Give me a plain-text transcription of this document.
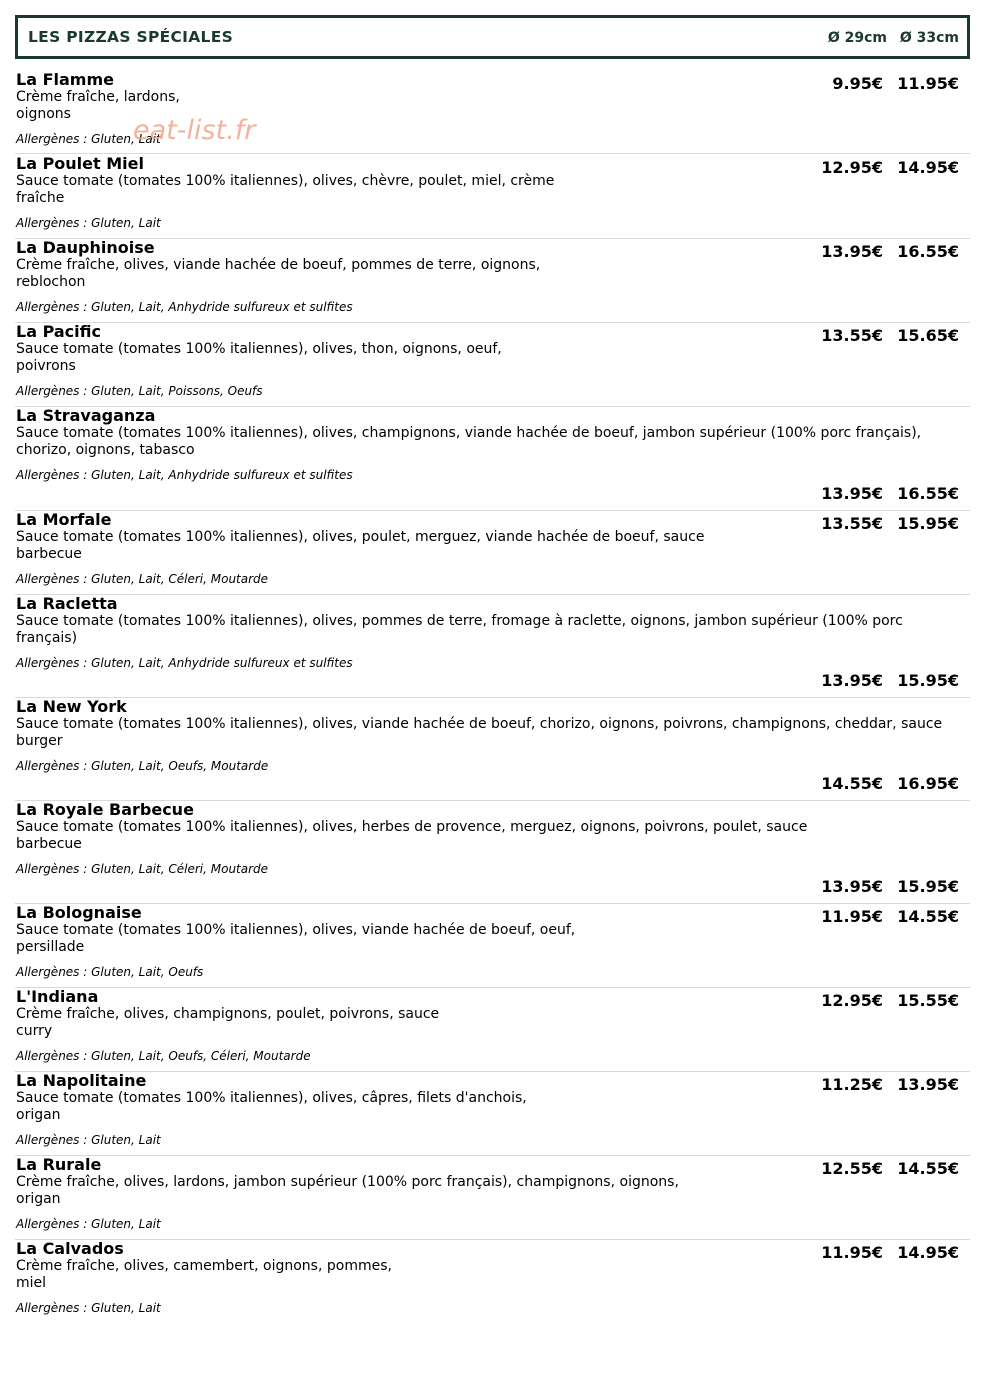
LES PIZZAS SPÉCIALES	Ø 29cm Ø 33cm
La Flamme
Crème fraîche, lardons,
oignons
Allergènes : Gluten, Lait
9.95€ 11.95€
La Poulet Miel
Sauce tomate (tomates 100% italiennes), olives, chèvre, poulet, miel, crème
fraîche
Allergènes : Gluten, Lait
12.95€ 14.95€
La Dauphinoise
Crème fraîche, olives, viande hachée de boeuf, pommes de terre, oignons,
reblochon
Allergènes : Gluten, Lait, Anhydride sulfureux et sulfites
13.95€ 16.55€
La Pacific
Sauce tomate (tomates 100% italiennes), olives, thon, oignons, oeuf,
poivrons
Allergènes : Gluten, Lait, Poissons, Oeufs
13.55€ 15.65€
La Stravaganza
Sauce tomate (tomates 100% italiennes), olives, champignons, viande hachée de boeuf, jambon supérieur (100% porc français),
chorizo, oignons, tabasco
Allergènes : Gluten, Lait, Anhydride sulfureux et sulfites
13.95€ 16.55€
La Morfale
Sauce tomate (tomates 100% italiennes), olives, poulet, merguez, viande hachée de boeuf, sauce
barbecue
Allergènes : Gluten, Lait, Céleri, Moutarde
13.55€ 15.95€
La Racletta
Sauce tomate (tomates 100% italiennes), olives, pommes de terre, fromage à raclette, oignons, jambon supérieur (100% porc
français)
Allergènes : Gluten, Lait, Anhydride sulfureux et sulfites
13.95€ 15.95€
La New York
Sauce tomate (tomates 100% italiennes), olives, viande hachée de boeuf, chorizo, oignons, poivrons, champignons, cheddar, sauce
burger
Allergènes : Gluten, Lait, Oeufs, Moutarde
14.55€ 16.95€
La Royale Barbecue
Sauce tomate (tomates 100% italiennes), olives, herbes de provence, merguez, oignons, poivrons, poulet, sauce
barbecue
Allergènes : Gluten, Lait, Céleri, Moutarde
13.95€ 15.95€
La Bolognaise
Sauce tomate (tomates 100% italiennes), olives, viande hachée de boeuf, oeuf,
persillade
Allergènes : Gluten, Lait, Oeufs
11.95€ 14.55€
L'Indiana
Crème fraîche, olives, champignons, poulet, poivrons, sauce
curry
Allergènes : Gluten, Lait, Oeufs, Céleri, Moutarde
12.95€ 15.55€
La Napolitaine
Sauce tomate (tomates 100% italiennes), olives, câpres, filets d'anchois,
origan
Allergènes : Gluten, Lait
11.25€ 13.95€
La Rurale
Crème fraîche, olives, lardons, jambon supérieur (100% porc français), champignons, oignons,
origan
Allergènes : Gluten, Lait
12.55€ 14.55€
La Calvados
Crème fraîche, olives, camembert, oignons, pommes,
miel
Allergènes : Gluten, Lait
11.95€ 14.95€
eat-list.fr
